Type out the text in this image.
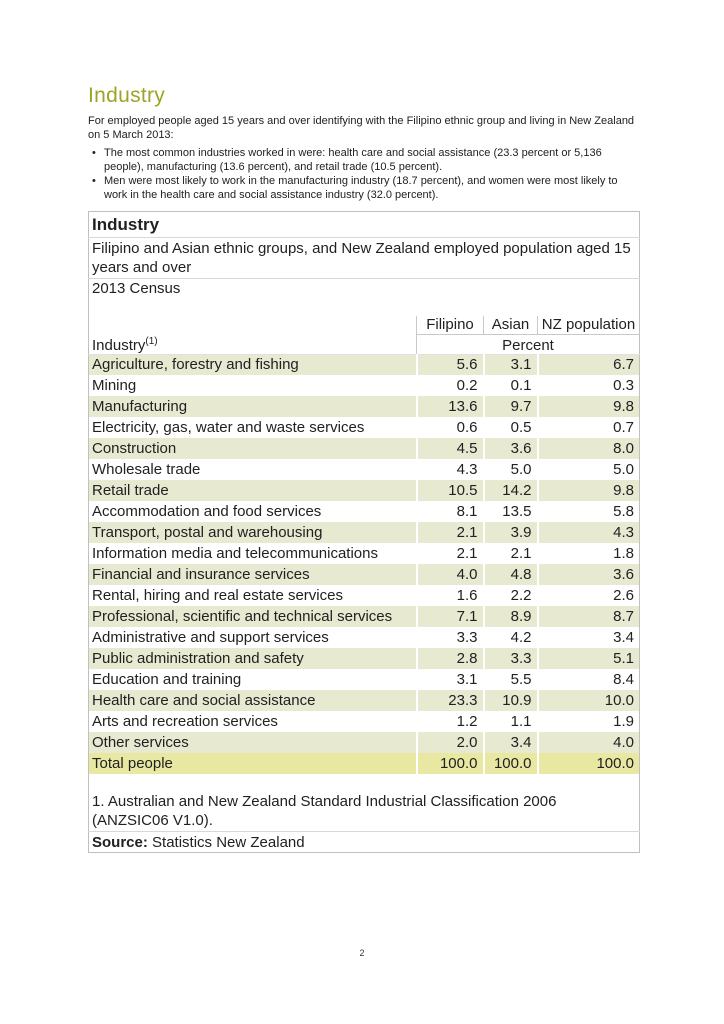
Industry
For employed people aged 15 years and over identifying with the Filipino ethnic group and living in New Zealand on 5 March 2013:
• The most common industries worked in were: health care and social assistance (23.3 percent or 5,136 people), manufacturing (13.6 percent), and retail trade (10.5 percent).
• Men were most likely to work in the manufacturing industry (18.7 percent), and women were most likely to work in the health care and social assistance industry (32.0 percent).
Industry			
Filipino and Asian ethnic groups, and New Zealand employed population aged 15 years and over			
2013 Census			
	Filipino	Asian	NZ population
Industry$^{(1)}$	Percent		
Agriculture, forestry and fishing	5.6	3.1	6.7
Mining	0.2	0.1	0.3
Manufacturing	13.6	9.7	9.8
Electricity, gas, water and waste services	0.6	0.5	0.7
Construction	4.5	3.6	8.0
Wholesale trade	4.3	5.0	5.0
Retail trade	10.5	14.2	9.8
Accommodation and food services	8.1	13.5	5.8
Transport, postal and warehousing	2.1	3.9	4.3
Information media and telecommunications	2.1	2.1	1.8
Financial and insurance services	4.0	4.8	3.6
Rental, hiring and real estate services	1.6	2.2	2.6
Professional, scientific and technical services	7.1	8.9	8.7
Administrative and support services	3.3	4.2	3.4
Public administration and safety	2.8	3.3	5.1
Education and training	3.1	5.5	8.4
Health care and social assistance	23.3	10.9	10.0
Arts and recreation services	1.2	1.1	1.9
Other services	2.0	3.4	4.0
Total people	100.0	100.0	100.0

1. Australian and New Zealand Standard Industrial Classification 2006 (ANZSIC06 V1.0).			
Source: Statistics New Zealand			
2
